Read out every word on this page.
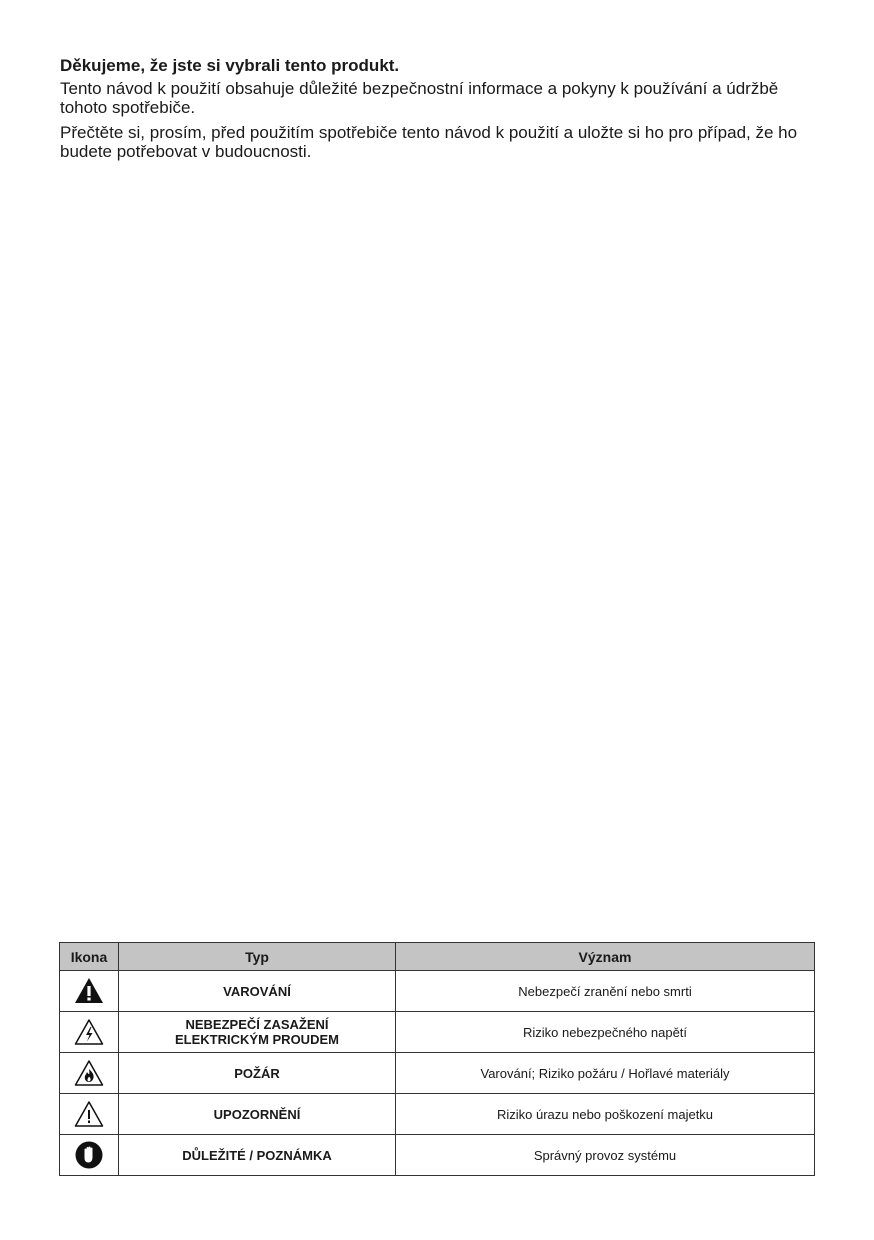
Děkujeme, že jste si vybrali tento produkt.

Tento návod k použití obsahuje důležité bezpečnostní informace a pokyny k používání a údržbě tohoto spotřebiče.

Přečtěte si, prosím, před použitím spotřebiče tento návod k použití a uložte si ho pro případ, že ho budete potřebovat v budoucnosti.

Ikona	Typ	Význam

	VAROVÁNÍ	Nebezpečí zranění nebo smrti

	NEBEZPEČÍ ZASAŽENÍ
ELEKTRICKÝM PROUDEM	Riziko nebezpečného napětí

	POŽÁR	Varování; Riziko požáru / Hořlavé materiály

	UPOZORNĚNÍ	Riziko úrazu nebo poškození majetku

	DŮLEŽITÉ / POZNÁMKA	Správný provoz systému
